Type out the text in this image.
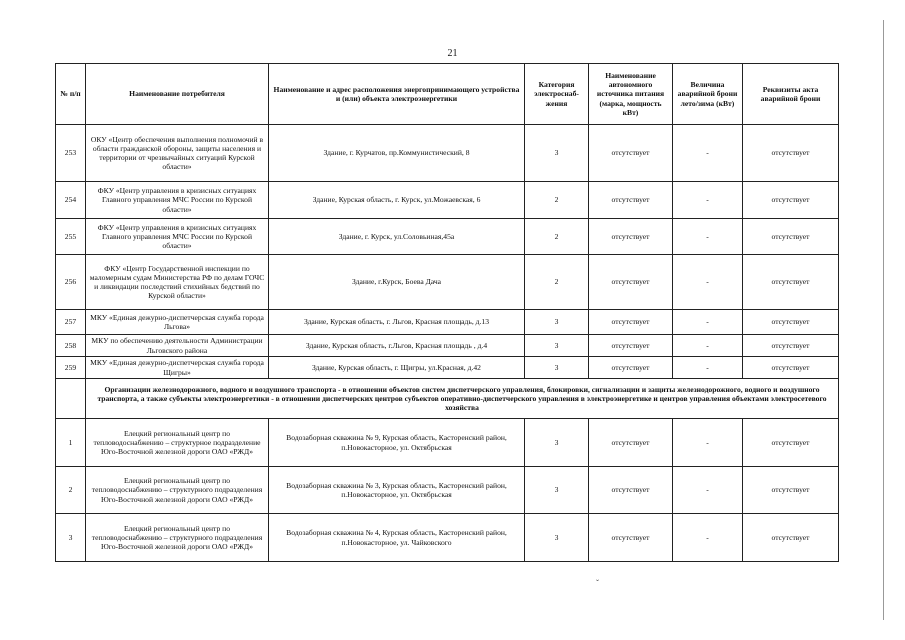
21
№ п/п	Наименование потребителя	Наименование и адрес расположения энергопринимающего устройства и (или) объекта электроэнергетики	Категория электроснаб-жения	Наименование автономного источника питания (марка, мощность кВт)	Величина аварийной брони лето/зима (кВт)	Реквизиты акта аварийной брони
253	ОКУ «Центр обеспечения выполнения полномочий в области гражданской обороны, защиты населения и территории от чрезвычайных ситуаций Курской области»	Здание, г. Курчатов, пр.Коммунистический, 8	3	отсутствует	-	отсутствует
254	ФКУ «Центр управления в кризисных ситуациях Главного управления МЧС России по Курской области»	Здание, Курская область, г. Курск, ул.Можаевская, 6	2	отсутствует	-	отсутствует
255	ФКУ «Центр управления в кризисных ситуациях Главного управления МЧС России по Курской области»	Здание, г. Курск, ул.Соловьиная,45а	2	отсутствует	-	отсутствует
256	ФКУ «Центр Государственной инспекции по маломерным судам Министерства РФ по делам ГОЧС и ликвидации последствий стихийных бедствий по Курской области»	Здание, г.Курск, Боева Дача	2	отсутствует	-	отсутствует
257	МКУ «Единая дежурно-диспетчерская служба города Льгова»	Здание, Курская область, г. Льгов, Красная площадь, д.13	3	отсутствует	-	отсутствует
258	МКУ по обеспечению деятельности Администрации Льговского района	Здание, Курская область, г.Льгов, Красная площадь , д.4	3	отсутствует	-	отсутствует
259	МКУ «Единая дежурно-диспетчерская служба города Щигры»	Здание, Курская область, г. Щигры, ул.Красная, д.42	3	отсутствует	-	отсутствует
	Организации железнодорожного, водного и воздушного транспорта - в отношении объектов систем диспетчерского управления, блокировки, сигнализации и защиты железнодорожного, водного и воздушного транспорта, а также субъекты электроэнергетики - в отношении диспетчерских центров субъектов оперативно-диспетчерского управления в электроэнергетике и центров управления объектами электросетевого хозяйства					
1	Елецкий региональный центр по тепловодоснабжению – структурное подразделение Юго-Восточной железной дороги ОАО «РЖД»	Водозаборная скважина № 9, Курская область, Касторенский район, п.Новокасторное, ул. Октябрьская	3	отсутствует	-	отсутствует
2	Елецкий региональный центр по тепловодоснабжению – структурного подразделения Юго-Восточной железной дороги ОАО «РЖД»	Водозаборная скважина № 3, Курская область, Касторенский район, п.Новокасторное, ул. Октябрьская	3	отсутствует	-	отсутствует
3	Елецкий региональный центр по тепловодоснабжению – структурного подразделения Юго-Восточной железной дороги ОАО «РЖД»	Водозаборная скважина № 4, Курская область, Касторенский район, п.Новокасторное, ул. Чайковского	3	отсутствует	-	отсутствует
ˇ
